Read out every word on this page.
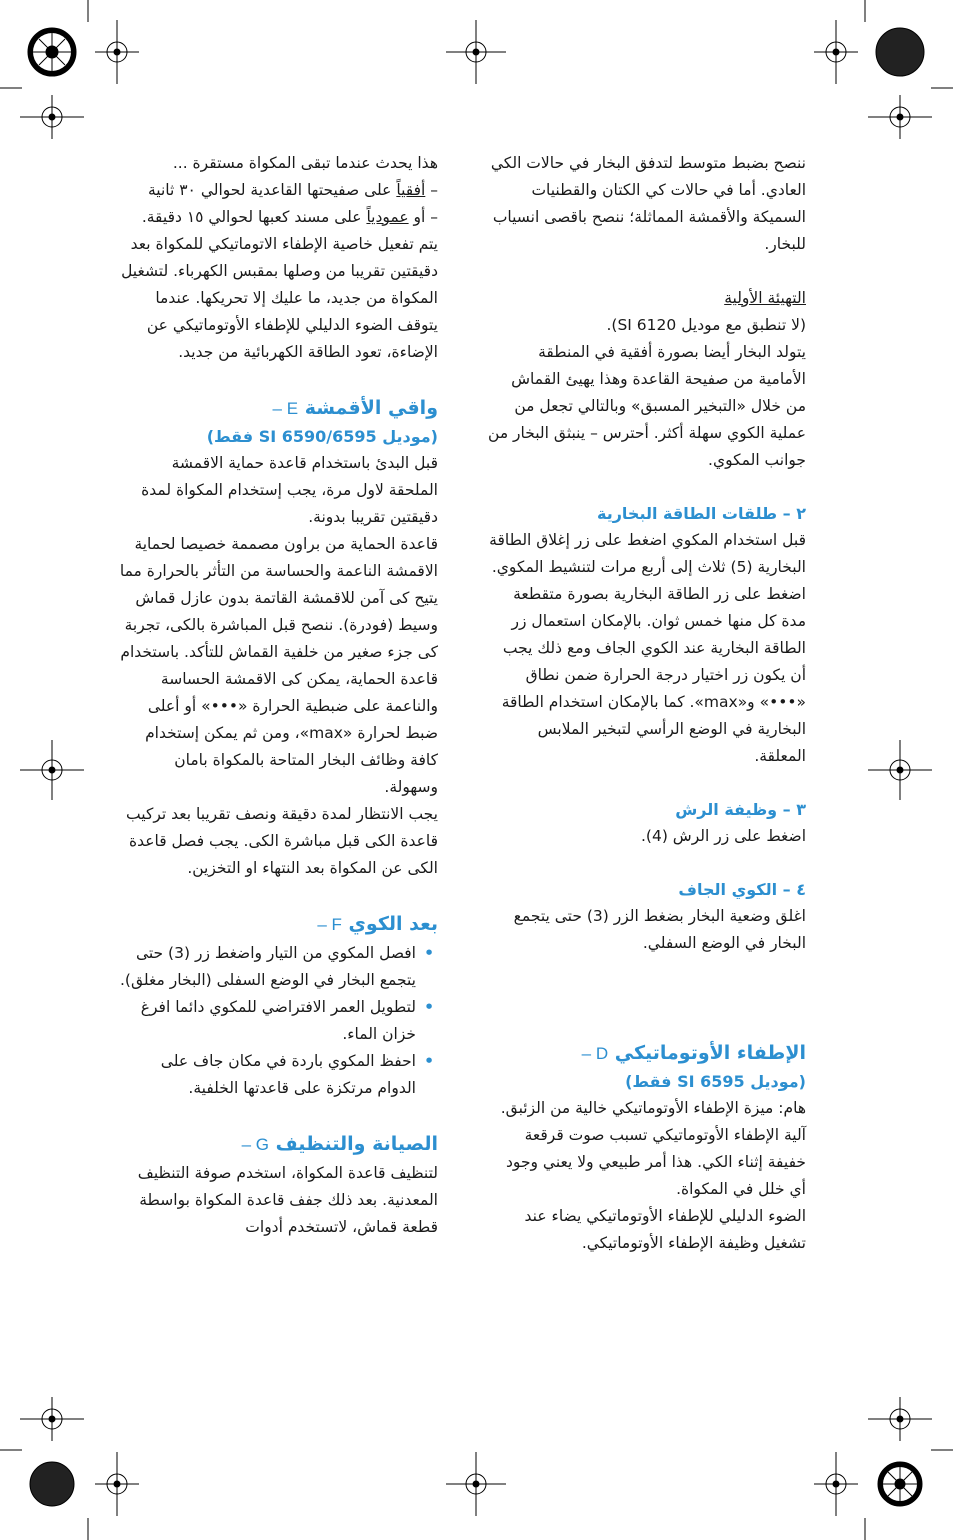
ننصح بضبط متوسط لتدفق البخار في حالات الكي العادي. أما في حالات كي الكتان والقطنيات السميكة والأقمشة المماثلة؛ ننصح باقصى انسياب للبخار.

التهيئة الأولية

(لا تنطبق مع موديل SI 6120).

يتولد البخار أيضا بصورة أفقية في المنطقة الأمامية من صفيحة القاعدة وهذا يهيئ القماش من خلال «التبخير المسبق» وبالتالي تجعل من عملية الكوي سهلة أكثر. أحترس – ينبثق البخار من جوانب المكوي.

٢ – طلقات الطاقة البخارية

قبل استخدام المكوي اضغط على زر إغلاق الطاقة البخارية (5) ثلاث إلى أربع مرات لتنشيط المكوي. اضغط على زر الطاقة البخارية بصورة متقطعة مدة كل منها خمس ثوان. بالإمكان استعمال زر الطاقة البخارية عند الكوي الجاف ومع ذلك يجب أن يكون زر اختيار درجة الحرارة ضمن نطاق «•••» و«max». كما بالإمكان استخدام الطاقة البخارية في الوضع الرأسي لتبخير الملابس المعلقة.

٣ – وظيفة الرش

اضغط على زر الرش (4).

٤ – الكوي الجاف

اغلق وضعية البخار بضغط الزر (3) حتى يتجمع البخار في الوضع السفلي.

الإطفاء الأوتوماتيكي D –
(موديل SI 6595 فقط)

هام: ميزة الإطفاء الأوتوماتيكي خالية من الزئبق. آلية الإطفاء الأوتوماتيكي تسبب صوت قرقعة خفيفة إثناء الكي. هذا أمر طبيعي ولا يعني وجود أي خلل في المكواة.

الضوء الدليلي للإطفاء الأوتوماتيكي يضاء عند تشغيل وظيفة الإطفاء الأوتوماتيكي.

هذا يحدث عندما تبقى المكواة مستقرة ...

– أفقياً على صفيحتها القاعدية لحوالي ٣٠ ثانية

– أو عمودياً على مسند كعبها لحوالي ١٥ دقيقة.

يتم تفعيل خاصية الإطفاء الاتوماتيكي للمكواة بعد دقيقتين تقريبا من وصلها بمقبس الكهرباء. لتشغيل المكواة من جديد، ما عليك إلا تحريكها. عندما يتوقف الضوء الدليلي للإطفاء الأوتوماتيكي عن الإضاءة، تعود الطاقة الكهربائية من جديد.

واقي الأقمشة E –
(موديل SI 6590/6595 فقط)

قبل البدئ باستخدام قاعدة حماية الاقمشة الملحقة لاول مرة، يجب إستخدام المكواة لمدة دقيقتين تقريبا بدونة.

قاعدة الحماية من براون مصممة خصيصا لحماية الاقمشة الناعمة والحساسة من التأثر بالحرارة مما يتيح كى آمن للاقمشة القاتمة بدون عازل قماش وسيط (فودرة). ننصح قبل المباشرة بالكى، تجربة كى جزء صغير من خلفية القماش للتأكد. باستخدام قاعدة الحماية، يمكن كى الاقمشة الحساسة والناعمة على ضبطية الحرارة «•••» أو أعلى ضبط لحرارة «max»، ومن ثم يمكن إستخدام كافة وظائف البخار المتاحة بالمكواة بامان وسهولة.

يجب الانتظار لمدة دقيقة ونصف تقريبا بعد تركيب قاعدة الكى قبل مباشرة الكى. يجب فصل قاعدة الكى عن المكواة بعد النتهاء او التخزين.

بعد الكوي F –
•
افصل المكوي من التيار واضغط زر (3) حتى يتجمع البخار في الوضع السفلى (البخار مغلق).
•
لتطويل العمر الافتراضي للمكوي دائما افرغ خزان الماء.
•
احفظ المكوي باردة في مكان جاف على الدوام مرتكزة على قاعدتها الخلفية.
الصيانة والتنظيف G –

لتنظيف قاعدة المكواة، استخدم صوفة التنظيف المعدنية. بعد ذلك جفف قاعدة المكواة بواسطة قطعة قماش، لاتستخدم أدوات
